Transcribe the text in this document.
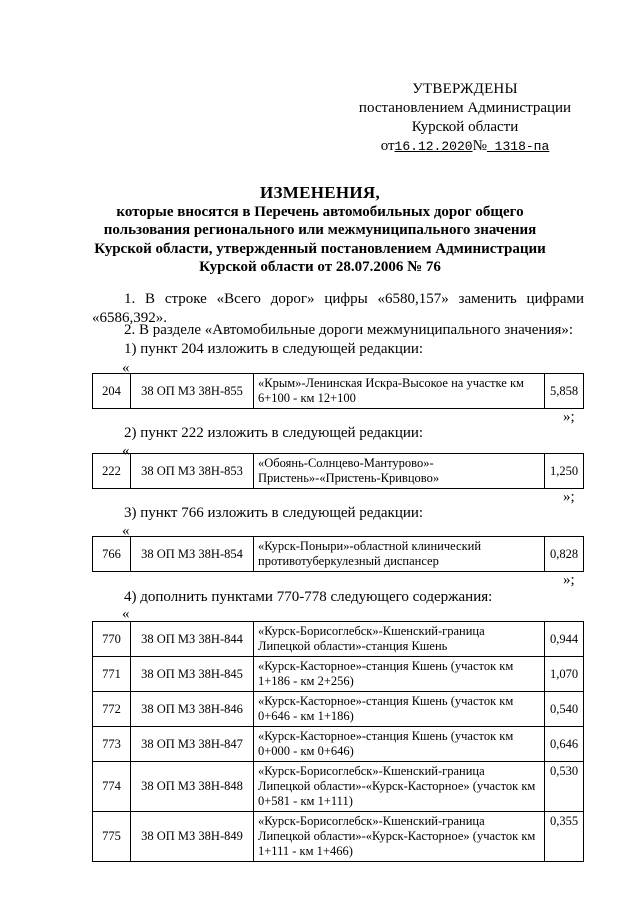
УТВЕРЖДЕНЫ
постановлением Администрации
Курской области
от16.12.2020№ 1318-па
ИЗМЕНЕНИЯ,
которые вносятся в Перечень автомобильных дорог общего
пользования регионального или межмуниципального значения
Курской области, утвержденный постановлением Администрации
Курской области от 28.07.2006 № 76
1. В строке «Всего дорог» цифры «6580,157» заменить цифрами «6586,392».
2. В разделе «Автомобильные дороги межмуниципального значения»:
1) пункт 204 изложить в следующей редакции:
«
204	38 ОП МЗ 38Н-855	«Крым»-Ленинская Искра-Высокое на участке км 6+100 - км 12+100	5,858
»;
2) пункт 222 изложить в следующей редакции:
«
222	38 ОП МЗ 38Н-853	«Обоянь-Солнцево-Мантурово»-Пристень»-«Пристень-Кривцово»	1,250
»;
3) пункт 766 изложить в следующей редакции:
«
766	38 ОП МЗ 38Н-854	«Курск-Поныри»-областной клинический противотуберкулезный диспансер	0,828
»;
4) дополнить пунктами 770-778 следующего содержания:
«
770	38 ОП МЗ 38Н-844	«Курск-Борисоглебск»-Кшенский-граница Липецкой области»-станция Кшень	0,944
771	38 ОП МЗ 38Н-845	«Курск-Касторное»-станция Кшень (участок км 1+186 - км 2+256)	1,070
772	38 ОП МЗ 38Н-846	«Курск-Касторное»-станция Кшень (участок км 0+646 - км 1+186)	0,540
773	38 ОП МЗ 38Н-847	«Курск-Касторное»-станция Кшень (участок км 0+000 - км 0+646)	0,646
774	38 ОП МЗ 38Н-848	«Курск-Борисоглебск»-Кшенский-граница Липецкой области»-«Курск-Касторное» (участок км 0+581 - км 1+111)	0,530
775	38 ОП МЗ 38Н-849	«Курск-Борисоглебск»-Кшенский-граница Липецкой области»-«Курск-Касторное» (участок км 1+111 - км 1+466)	0,355
